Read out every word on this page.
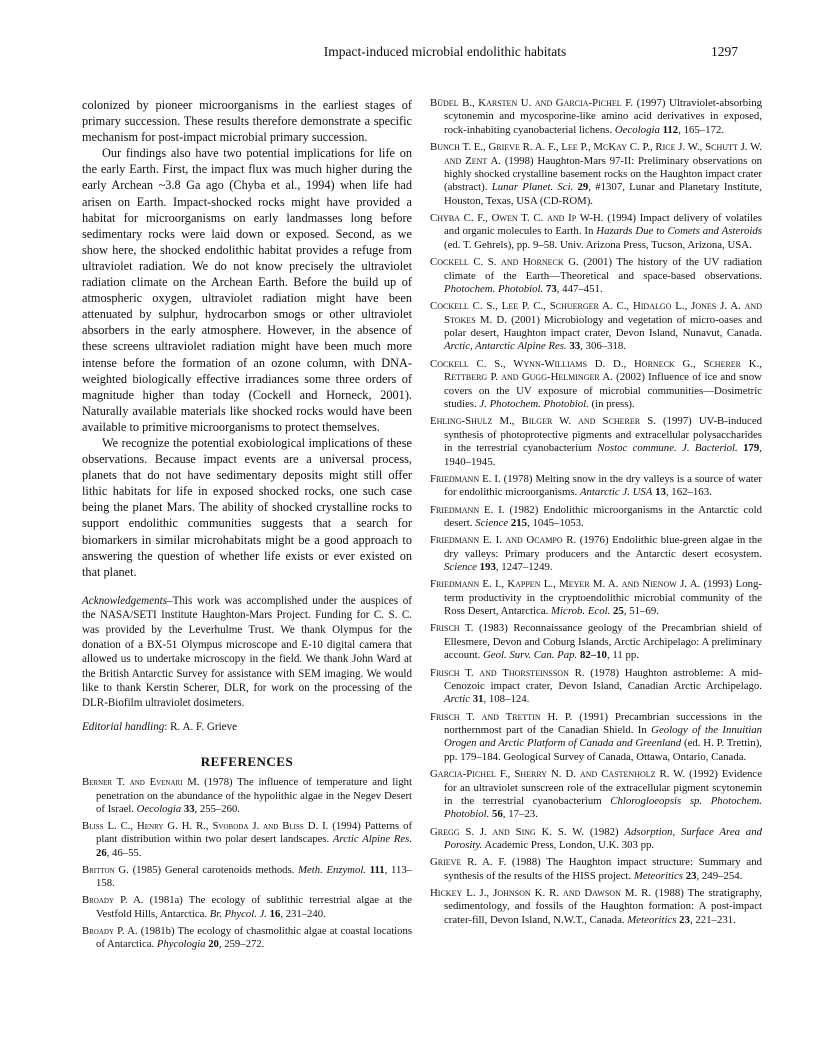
Impact-induced microbial endolithic habitats	1297

colonized by pioneer microorganisms in the earliest stages of primary succession. These results therefore demonstrate a specific mechanism for post-impact microbial primary succession.

Our findings also have two potential implications for life on the early Earth. First, the impact flux was much higher during the early Archean ~3.8 Ga ago (Chyba et al., 1994) when life had arisen on Earth. Impact-shocked rocks might have provided a habitat for microorganisms on early landmasses long before sedimentary rocks were laid down or exposed. Second, as we show here, the shocked endolithic habitat provides a refuge from ultraviolet radiation. We do not know precisely the ultraviolet radiation climate on the Archean Earth. Before the build up of atmospheric oxygen, ultraviolet radiation might have been attenuated by sulphur, hydrocarbon smogs or other ultraviolet absorbers in the early atmosphere. However, in the absence of these screens ultraviolet radiation might have been much more intense before the formation of an ozone column, with DNA-weighted biologically effective irradiances some three orders of magnitude higher than today (Cockell and Horneck, 2001). Naturally available materials like shocked rocks would have been available to primitive microorganisms to protect themselves.

We recognize the potential exobiological implications of these observations. Because impact events are a universal process, planets that do not have sedimentary deposits might still offer lithic habitats for life in exposed shocked rocks, one such case being the planet Mars. The ability of shocked crystalline rocks to support endolithic communities suggests that a search for biomarkers in similar microhabitats might be a good approach to answering the question of whether life exists or ever existed on that planet.

Acknowledgements–This work was accomplished under the auspices of the NASA/SETI Institute Haughton-Mars Project. Funding for C. S. C. was provided by the Leverhulme Trust. We thank Olympus for the donation of a BX-51 Olympus microscope and E-10 digital camera that allowed us to undertake microscopy in the field. We thank John Ward at the British Antarctic Survey for assistance with SEM imaging. We would like to thank Kerstin Scherer, DLR, for work on the processing of the DLR-Biofilm ultraviolet dosimeters.
Editorial handling: R. A. F. Grieve
REFERENCES
Berner T. and Evenari M. (1978) The influence of temperature and light penetration on the abundance of the hypolithic algae in the Negev Desert of Israel. Oecologia 33, 255–260.
Bliss L. C., Henry G. H. R., Svoboda J. and Bliss D. I. (1994) Patterns of plant distribution within two polar desert landscapes. Arctic Alpine Res. 26, 46–55.
Britton G. (1985) General carotenoids methods. Meth. Enzymol. 111, 113–158.
Broady P. A. (1981a) The ecology of sublithic terrestrial algae at the Vestfold Hills, Antarctica. Br. Phycol. J. 16, 231–240.
Broady P. A. (1981b) The ecology of chasmolithic algae at coastal locations of Antarctica. Phycologia 20, 259–272.
Büdel B., Karsten U. and Garcia-Pichel F. (1997) Ultraviolet-absorbing scytonemin and mycosporine-like amino acid derivatives in exposed, rock-inhabiting cyanobacterial lichens. Oecologia 112, 165–172.
Bunch T. E., Grieve R. A. F., Lee P., McKay C. P., Rice J. W., Schutt J. W. and Zent A. (1998) Haughton-Mars 97-II: Preliminary observations on highly shocked crystalline basement rocks on the Haughton impact crater (abstract). Lunar Planet. Sci. 29, #1307, Lunar and Planetary Institute, Houston, Texas, USA (CD-ROM).
Chyba C. F., Owen T. C. and Ip W-H. (1994) Impact delivery of volatiles and organic molecules to Earth. In Hazards Due to Comets and Asteroids (ed. T. Gehrels), pp. 9–58. Univ. Arizona Press, Tucson, Arizona, USA.
Cockell C. S. and Horneck G. (2001) The history of the UV radiation climate of the Earth—Theoretical and space-based observations. Photochem. Photobiol. 73, 447–451.
Cockell C. S., Lee P. C., Schuerger A. C., Hidalgo L., Jones J. A. and Stokes M. D. (2001) Microbiology and vegetation of micro-oases and polar desert, Haughton impact crater, Devon Island, Nunavut, Canada. Arctic, Antarctic Alpine Res. 33, 306–318.
Cockell C. S., Wynn-Williams D. D., Horneck G., Scherer K., Rettberg P. and Gugg-Helminger A. (2002) Influence of ice and snow covers on the UV exposure of microbial communities—Dosimetric studies. J. Photochem. Photobiol. (in press).
Ehling-Shulz M., Bilger W. and Scherer S. (1997) UV-B-induced synthesis of photoprotective pigments and extracellular polysaccharides in the terrestrial cyanobacterium Nostoc commune. J. Bacteriol. 179, 1940–1945.
Friedmann E. I. (1978) Melting snow in the dry valleys is a source of water for endolithic microorganisms. Antarctic J. USA 13, 162–163.
Friedmann E. I. (1982) Endolithic microorganisms in the Antarctic cold desert. Science 215, 1045–1053.
Friedmann E. I. and Ocampo R. (1976) Endolithic blue-green algae in the dry valleys: Primary producers and the Antarctic desert ecosystem. Science 193, 1247–1249.
Friedmann E. I., Kappen L., Meyer M. A. and Nienow J. A. (1993) Long-term productivity in the cryptoendolithic microbial community of the Ross Desert, Antarctica. Microb. Ecol. 25, 51–69.
Frisch T. (1983) Reconnaissance geology of the Precambrian shield of Ellesmere, Devon and Coburg Islands, Arctic Archipelago: A preliminary account. Geol. Surv. Can. Pap. 82–10, 11 pp.
Frisch T. and Thorsteinsson R. (1978) Haughton astrobleme: A mid-Cenozoic impact crater, Devon Island, Canadian Arctic Archipelago. Arctic 31, 108–124.
Frisch T. and Trettin H. P. (1991) Precambrian successions in the northernmost part of the Canadian Shield. In Geology of the Innuitian Orogen and Arctic Platform of Canada and Greenland (ed. H. P. Trettin), pp. 179–184. Geological Survey of Canada, Ottawa, Ontario, Canada.
Garcia-Pichel F., Sherry N. D. and Castenholz R. W. (1992) Evidence for an ultraviolet sunscreen role of the extracellular pigment scytonemin in the terrestrial cyanobacterium Chlorogloeopsis sp. Photochem. Photobiol. 56, 17–23.
Gregg S. J. and Sing K. S. W. (1982) Adsorption, Surface Area and Porosity. Academic Press, London, U.K. 303 pp.
Grieve R. A. F. (1988) The Haughton impact structure: Summary and synthesis of the results of the HISS project. Meteoritics 23, 249–254.
Hickey L. J., Johnson K. R. and Dawson M. R. (1988) The stratigraphy, sedimentology, and fossils of the Haughton formation: A post-impact crater-fill, Devon Island, N.W.T., Canada. Meteoritics 23, 221–231.
